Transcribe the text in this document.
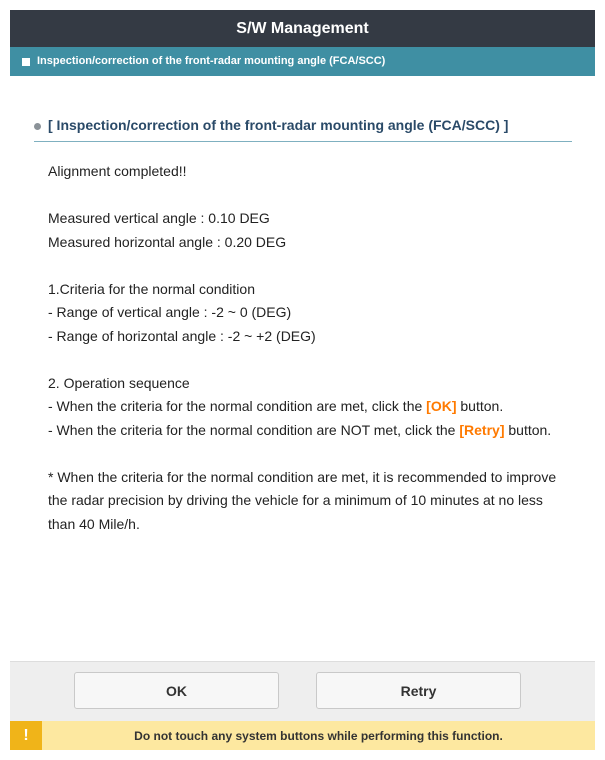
S/W Management
Inspection/correction of the front-radar mounting angle (FCA/SCC)
[ Inspection/correction of the front-radar mounting angle (FCA/SCC) ]

Alignment completed!!

Measured vertical angle : 0.10 DEG

Measured horizontal angle : 0.20 DEG

1.Criteria for the normal condition

- Range of vertical angle : -2 ~ 0 (DEG)

- Range of horizontal angle : -2 ~ +2 (DEG)

2. Operation sequence

- When the criteria for the normal condition are met, click the [OK] button.

- When the criteria for the normal condition are NOT met, click the [Retry] button.

* When the criteria for the normal condition are met, it is recommended to improve the radar precision by driving the vehicle for a minimum of 10 minutes at no less than 40 Mile/h.

OK	Retry
!	Do not touch any system buttons while performing this function.
